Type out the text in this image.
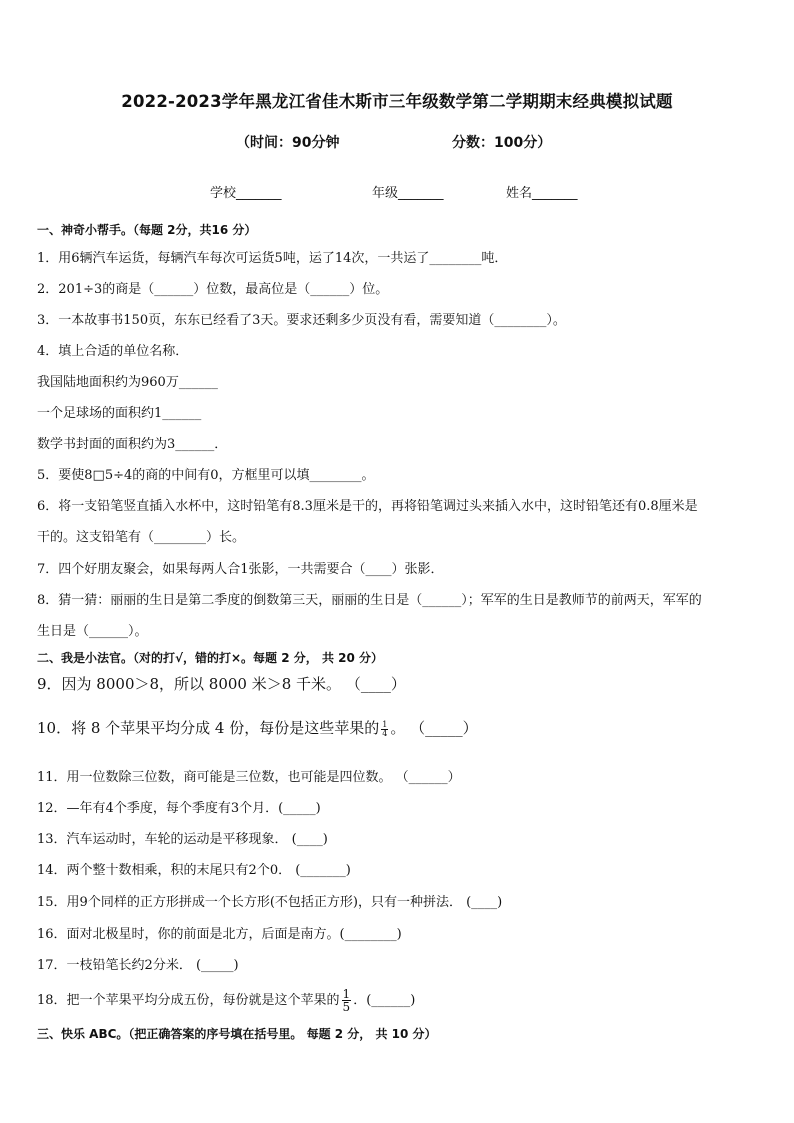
2022-2023学年黑龙江省佳木斯市三年级数学第二学期期末经典模拟试题
（时间：90分钟	分数：100分）
学校_______	年级_______	姓名_______
一、神奇小帮手。（每题 2分，共16 分）
1．用6辆汽车运货，每辆汽车每次可运货5吨，运了14次，一共运了________吨．
2．201÷3的商是（______）位数，最高位是（______）位。
3．一本故事书150页，东东已经看了3天。要求还剩多少页没有看，需要知道（________）。
4．填上合适的单位名称．
我国陆地面积约为960万______
一个足球场的面积约1______
数学书封面的面积约为3______．
5．要使8□5÷4的商的中间有0，方框里可以填________。
6．将一支铅笔竖直插入水杯中，这时铅笔有8.3厘米是干的，再将铅笔调过头来插入水中，这时铅笔还有0.8厘米是
干的。这支铅笔有（________）长。
7．四个好朋友聚会，如果每两人合1张影，一共需要合（____）张影．
8．猜一猜：丽丽的生日是第二季度的倒数第三天，丽丽的生日是（______）；军军的生日是教师节的前两天，军军的
生日是（______）。
二、我是小法官。（对的打√，错的打×。每题 2 分， 共 20 分）
9．因为 8000＞8，所以 8000 米＞8 千米。 （____）
10．将 8 个苹果平均分成 4 份，每份是这些苹果的 $\frac{1}{4}$ 。 （_____）
11．用一位数除三位数，商可能是三位数，也可能是四位数。 （______）
12．—年有4个季度，每个季度有3个月．(_____)
13．汽车运动时，车轮的运动是平移现象． (____)
14．两个整十数相乘，积的末尾只有2个0． (_______)
15．用9个同样的正方形拼成一个长方形(不包括正方形)，只有一种拼法． (____)
16．面对北极星时，你的前面是北方，后面是南方。(________)
17．一枝铅笔长约2分米． (_____)
18．把一个苹果平均分成五份，每份就是这个苹果的 $\frac{1}{5}$ ．(______)
三、快乐 ABC。（把正确答案的序号填在括号里。 每题 2 分， 共 10 分）
